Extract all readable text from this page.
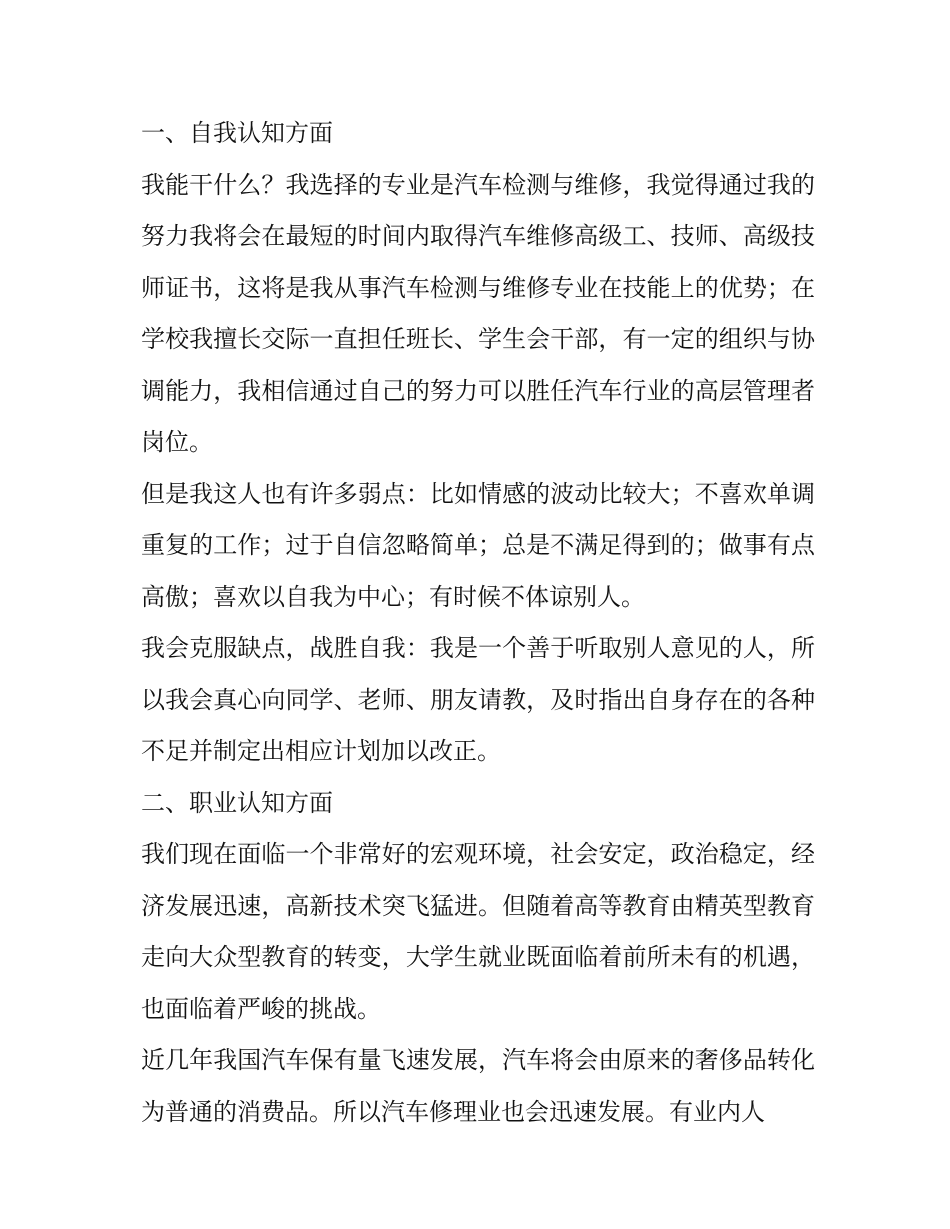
一、自我认知方面

我能干什么？我选择的专业是汽车检测与维修，我觉得通过我的努力我将会在最短的时间内取得汽车维修高级工、技师、高级技师证书，这将是我从事汽车检测与维修专业在技能上的优势；在学校我擅长交际一直担任班长、学生会干部，有一定的组织与协调能力，我相信通过自己的努力可以胜任汽车行业的高层管理者岗位。

但是我这人也有许多弱点：比如情感的波动比较大；不喜欢单调重复的工作；过于自信忽略简单；总是不满足得到的；做事有点高傲；喜欢以自我为中心；有时候不体谅别人。

我会克服缺点，战胜自我：我是一个善于听取别人意见的人，所以我会真心向同学、老师、朋友请教，及时指出自身存在的各种不足并制定出相应计划加以改正。

二、职业认知方面

我们现在面临一个非常好的宏观环境，社会安定，政治稳定，经济发展迅速，高新技术突飞猛进。但随着高等教育由精英型教育走向大众型教育的转变，大学生就业既面临着前所未有的机遇，也面临着严峻的挑战。

近几年我国汽车保有量飞速发展，汽车将会由原来的奢侈品转化为普通的消费品。所以汽车修理业也会迅速发展。有业内人
